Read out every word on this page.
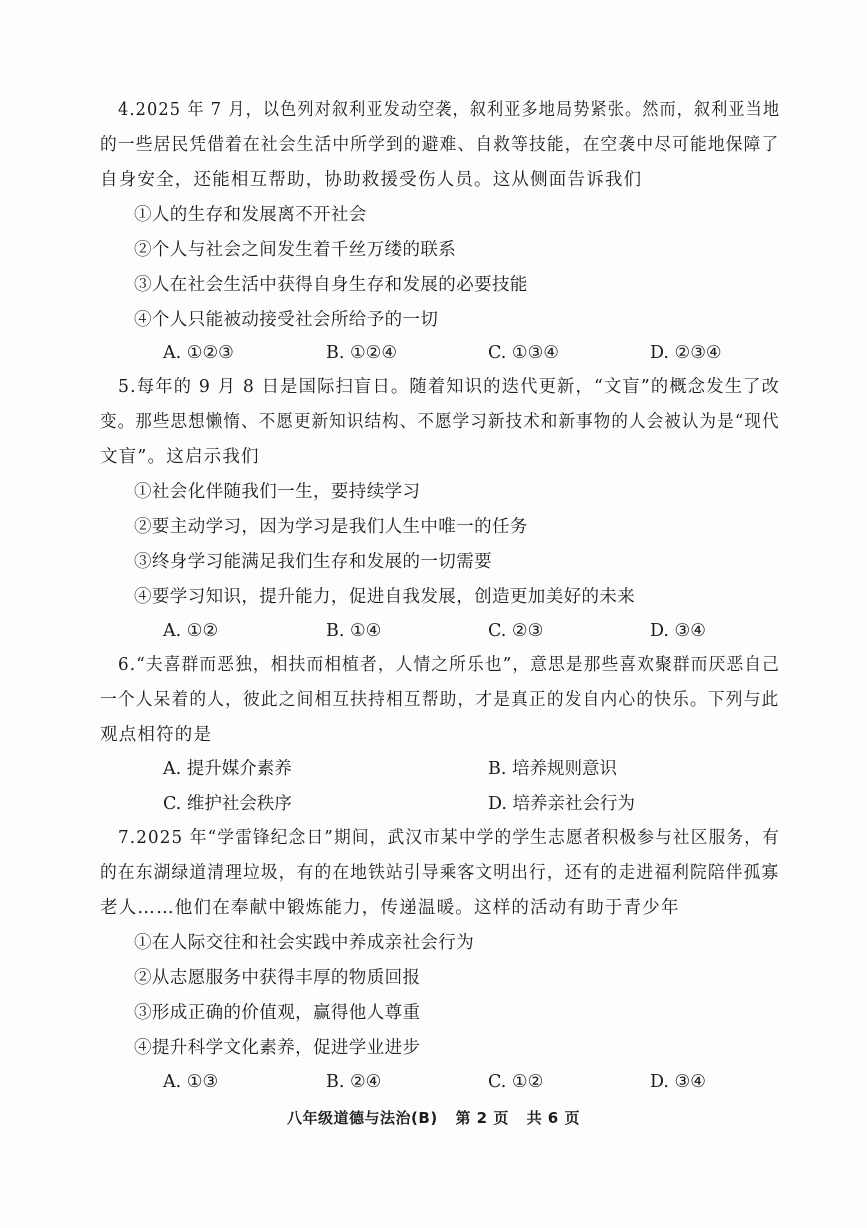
4.2025 年 7 月，以色列对叙利亚发动空袭，叙利亚多地局势紧张。然而，叙利亚当地
的一些居民凭借着在社会生活中所学到的避难、自救等技能，在空袭中尽可能地保障了
自身安全，还能相互帮助，协助救援受伤人员。这从侧面告诉我们
①人的生存和发展离不开社会
②个人与社会之间发生着千丝万缕的联系
③人在社会生活中获得自身生存和发展的必要技能
④个人只能被动接受社会所给予的一切
A. ①②③	B. ①②④	C. ①③④	D. ②③④
5.每年的 9 月 8 日是国际扫盲日。随着知识的迭代更新，“文盲”的概念发生了改
变。那些思想懒惰、不愿更新知识结构、不愿学习新技术和新事物的人会被认为是“现代
文盲”。这启示我们
①社会化伴随我们一生，要持续学习
②要主动学习，因为学习是我们人生中唯一的任务
③终身学习能满足我们生存和发展的一切需要
④要学习知识，提升能力，促进自我发展，创造更加美好的未来
A. ①②	B. ①④	C. ②③	D. ③④
6.“夫喜群而恶独，相扶而相植者，人情之所乐也”，意思是那些喜欢聚群而厌恶自己
一个人呆着的人，彼此之间相互扶持相互帮助，才是真正的发自内心的快乐。下列与此
观点相符的是
A. 提升媒介素养	B. 培养规则意识
C. 维护社会秩序	D. 培养亲社会行为
7.2025 年“学雷锋纪念日”期间，武汉市某中学的学生志愿者积极参与社区服务，有
的在东湖绿道清理垃圾，有的在地铁站引导乘客文明出行，还有的走进福利院陪伴孤寡
老人……他们在奉献中锻炼能力，传递温暖。这样的活动有助于青少年
①在人际交往和社会实践中养成亲社会行为
②从志愿服务中获得丰厚的物质回报
③形成正确的价值观，赢得他人尊重
④提升科学文化素养，促进学业进步
A. ①③	B. ②④	C. ①②	D. ③④
八年级道德与法治(B) 第 2 页 共 6 页
